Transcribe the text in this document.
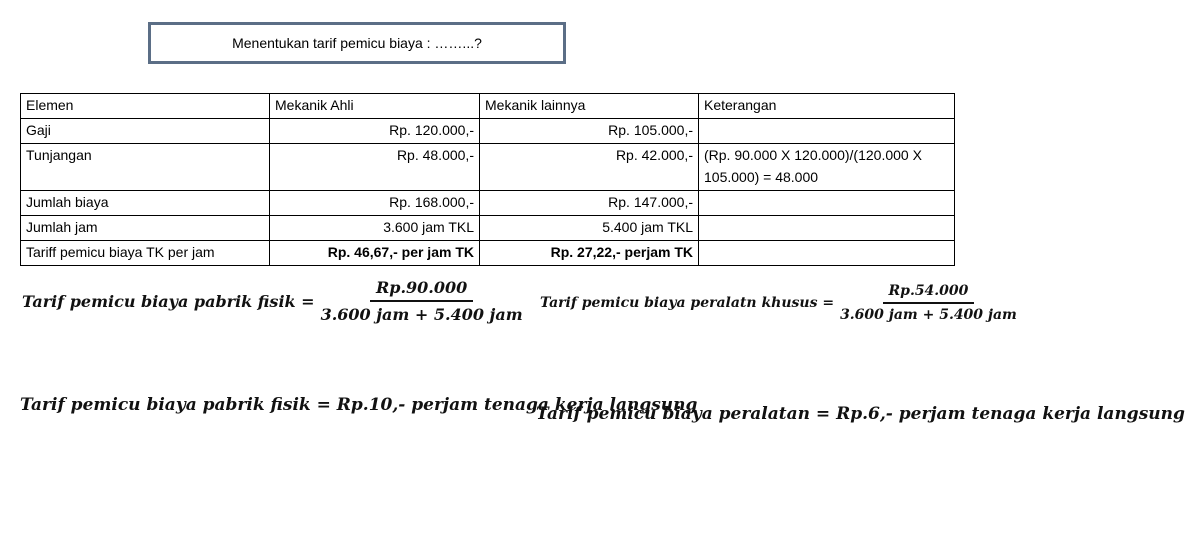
Menentukan tarif pemicu biaya : ……...?
Elemen	Mekanik Ahli	Mekanik lainnya	Keterangan
Gaji	Rp. 120.000,-	Rp. 105.000,-	
Tunjangan	Rp. 48.000,-	Rp. 42.000,-	(Rp. 90.000 X 120.000)/(120.000 X 105.000) = 48.000
Jumlah biaya	Rp. 168.000,-	Rp. 147.000,-	
Jumlah jam	3.600 jam TKL	5.400 jam TKL	
Tariff pemicu biaya TK per jam	Rp. 46,67,- per jam TK	Rp. 27,22,- perjam TK	
Tarif pemicu biaya pabrik fisik = $\frac{Rp.90.000}{\text{3.600 jam + 5.400 jam}}$ Tarif pemicu biaya peralatn khusus = $\frac{Rp.54.000}{\text{3.600 jam + 5.400 jam}}$
Tarif pemicu biaya pabrik fisik = Rp.10,- perjam tenaga kerja langsung
Tarif pemicu biaya peralatan = Rp.6,- perjam tenaga kerja langsung
